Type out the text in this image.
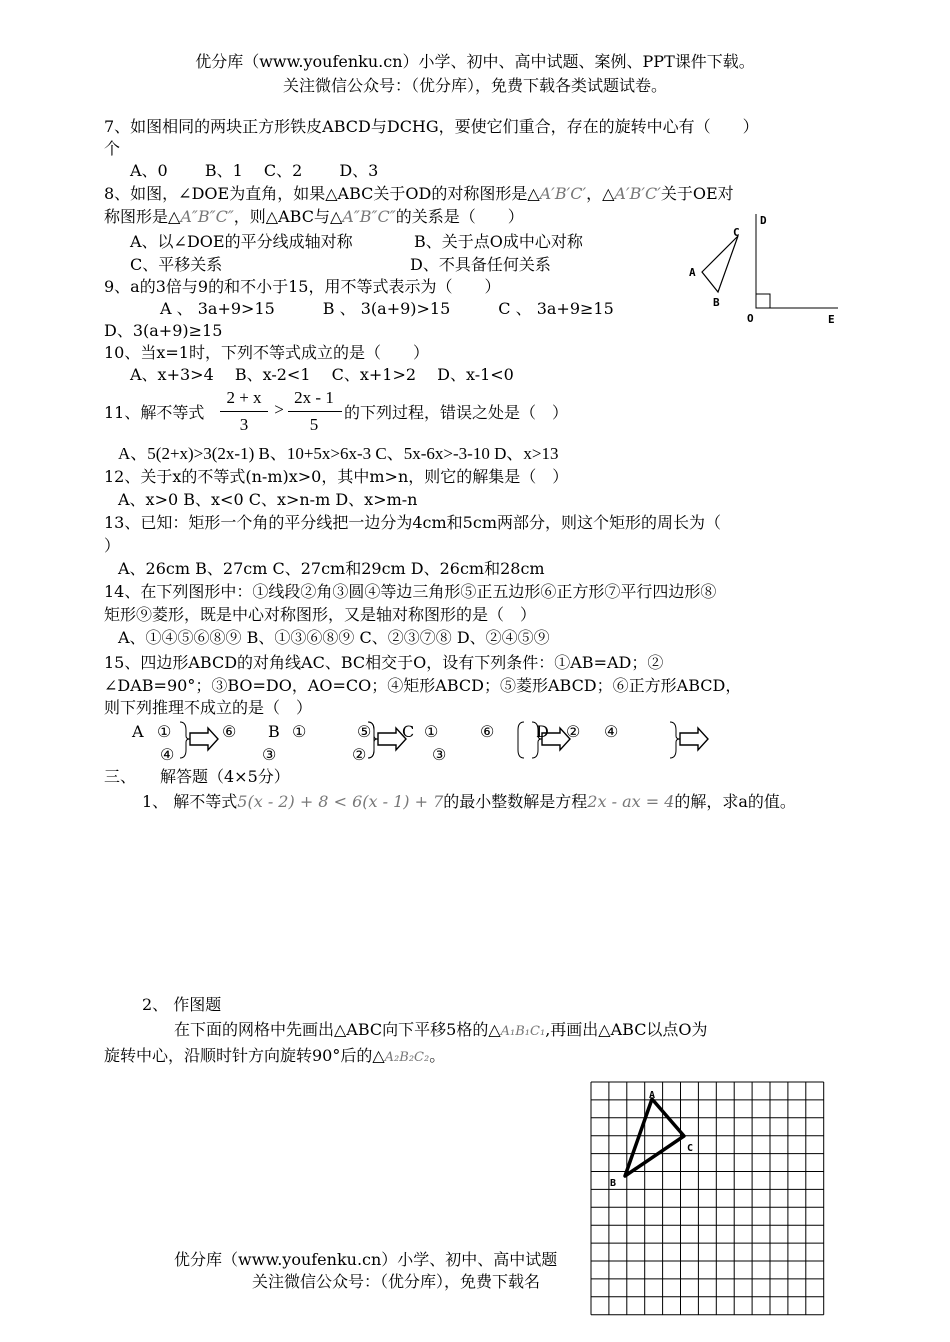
优分库（www.youfenku.cn）小学、初中、高中试题、案例、PPT课件下载。
关注微信公众号：（优分库），免费下载各类试题试卷。
7、如图相同的两块正方形铁皮ABCD与DCHG，要使它们重合，存在的旋转中心有（　　）
个
A、0　　 B、1　 C、2　　 D、3
8、如图，∠DOE为直角，如果△ABC关于OD的对称图形是△A′B′C′，△A′B′C′关于OE对
称图形是△A″B″C″，则△ABC与△A″B″C″的关系是（　　）
A、以∠DOE的平分线成轴对称	B、关于点O成中心对称
C、平移关系	D、不具备任何关系
C
D
A
B
O	E
9、a的3倍与9的和不小于15，用不等式表示为（　　）
A 、 3a+9>15　　　B 、 3(a+9)>15　　　C 、 3a+9≥15
D、3(a+9)≥15
10、当x=1时，下列不等式成立的是（　　）
A、x+3>4　 B、x-2<1　 C、x+1>2　 D、x-1<0
11、解不等式
2 + x
3
>
2x - 1
5
的下列过程，错误之处是（　）
A、5(2+x)>3(2x-1) B、10+5x>6x-3 C、5x-6x>-3-10 D、x>13
12、关于x的不等式(n-m)x>0，其中m>n，则它的解集是（　）
A、x>0 B、x<0 C、x>n-m D、x>m-n
13、已知：矩形一个角的平分线把一边分为4cm和5cm两部分，则这个矩形的周长为（
）
A、26cm B、27cm C、27cm和29cm D、26cm和28cm
14、在下列图形中：①线段②角③圆④等边三角形⑤正五边形⑥正方形⑦平行四边形⑧
矩形⑨菱形，既是中心对称图形，又是轴对称图形的是（　）
A、①④⑤⑥⑧⑨ B、①③⑥⑧⑨ C、②③⑦⑧ D、②④⑤⑨
15、四边形ABCD的对角线AC、BC相交于O，设有下列条件：①AB=AD；②
∠DAB=90°；③BO=DO，AO=CO；④矩形ABCD；⑤菱形ABCD；⑥正方形ABCD，
则下列推理不成立的是（　）
A ①
④
⑥ B ①
③
⑤ C ①
②
⑥	D ②
③
④
三、　　解答题（4×5分）
1、 解不等式5(x - 2) + 8 < 6(x - 1) + 7的最小整数解是方程2x - ax = 4的解，求a的值。
2、 作图题
在下面的网格中先画出△ABC向下平移5格的△A₁B₁C₁,再画出△ABC以点O为
旋转中心，沿顺时针方向旋转90°后的△A₂B₂C₂。
A
C
B
优分库（www.youfenku.cn）小学、初中、高中试题
关注微信公众号：（优分库），免费下载名
